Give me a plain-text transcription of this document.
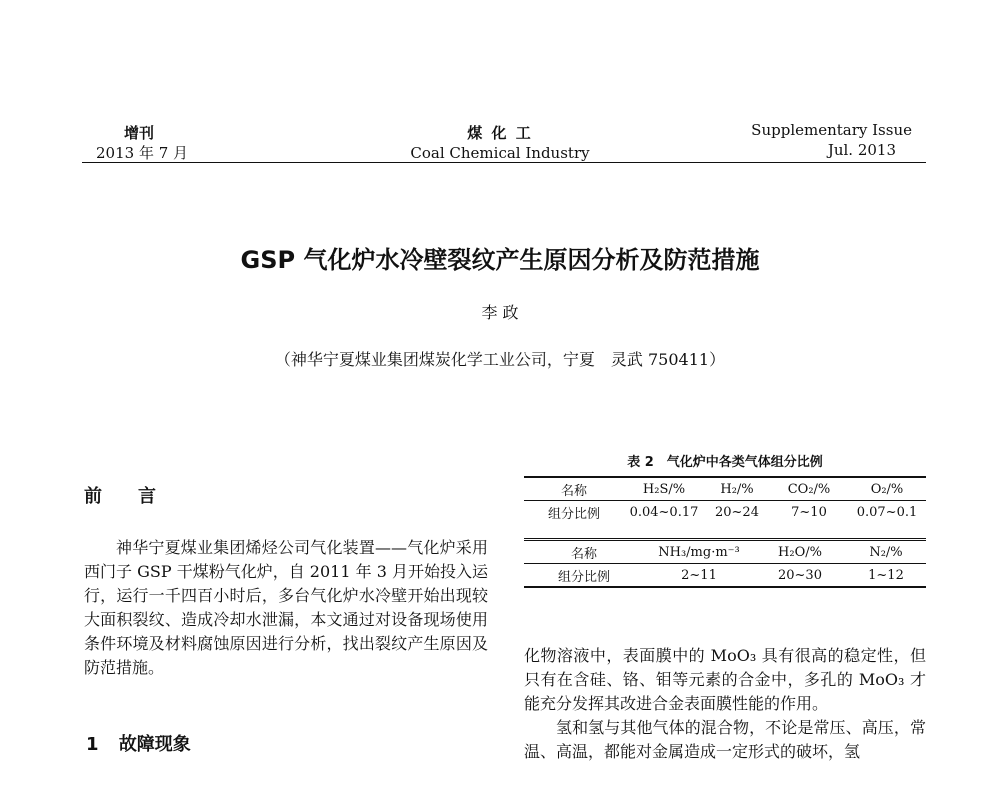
增刊
2013 年 7 月
煤 化 工
Coal Chemical Industry
Supplementary Issue
Jul. 2013
GSP 气化炉水冷壁裂纹产生原因分析及防范措施
李 政
（神华宁夏煤业集团煤炭化学工业公司，宁夏　灵武 750411）
前　　言

神华宁夏煤业集团烯烃公司气化装置——气化炉采用西门子 GSP 干煤粉气化炉，自 2011 年 3 月开始投入运行，运行一千四百小时后，多台气化炉水冷壁开始出现较大面积裂纹、造成冷却水泄漏，本文通过对设备现场使用条件环境及材料腐蚀原因进行分析，找出裂纹产生原因及防范措施。

1 故障现象
表 2　气化炉中各类气体组分比例
名称	H₂S/%	H₂/%	CO₂/%	O₂/%
组分比例	0.04~0.17	20~24	7~10	0.07~0.1
名称	NH₃/mg·m⁻³	H₂O/%	N₂/%
组分比例	2~11	20~30	1~12

化物溶液中，表面膜中的 MoO₃ 具有很高的稳定性，但只有在含硅、铬、钼等元素的合金中，多孔的 MoO₃ 才能充分发挥其改进合金表面膜性能的作用。

氢和氢与其他气体的混合物，不论是常压、高压，常温、高温，都能对金属造成一定形式的破坏，氢
